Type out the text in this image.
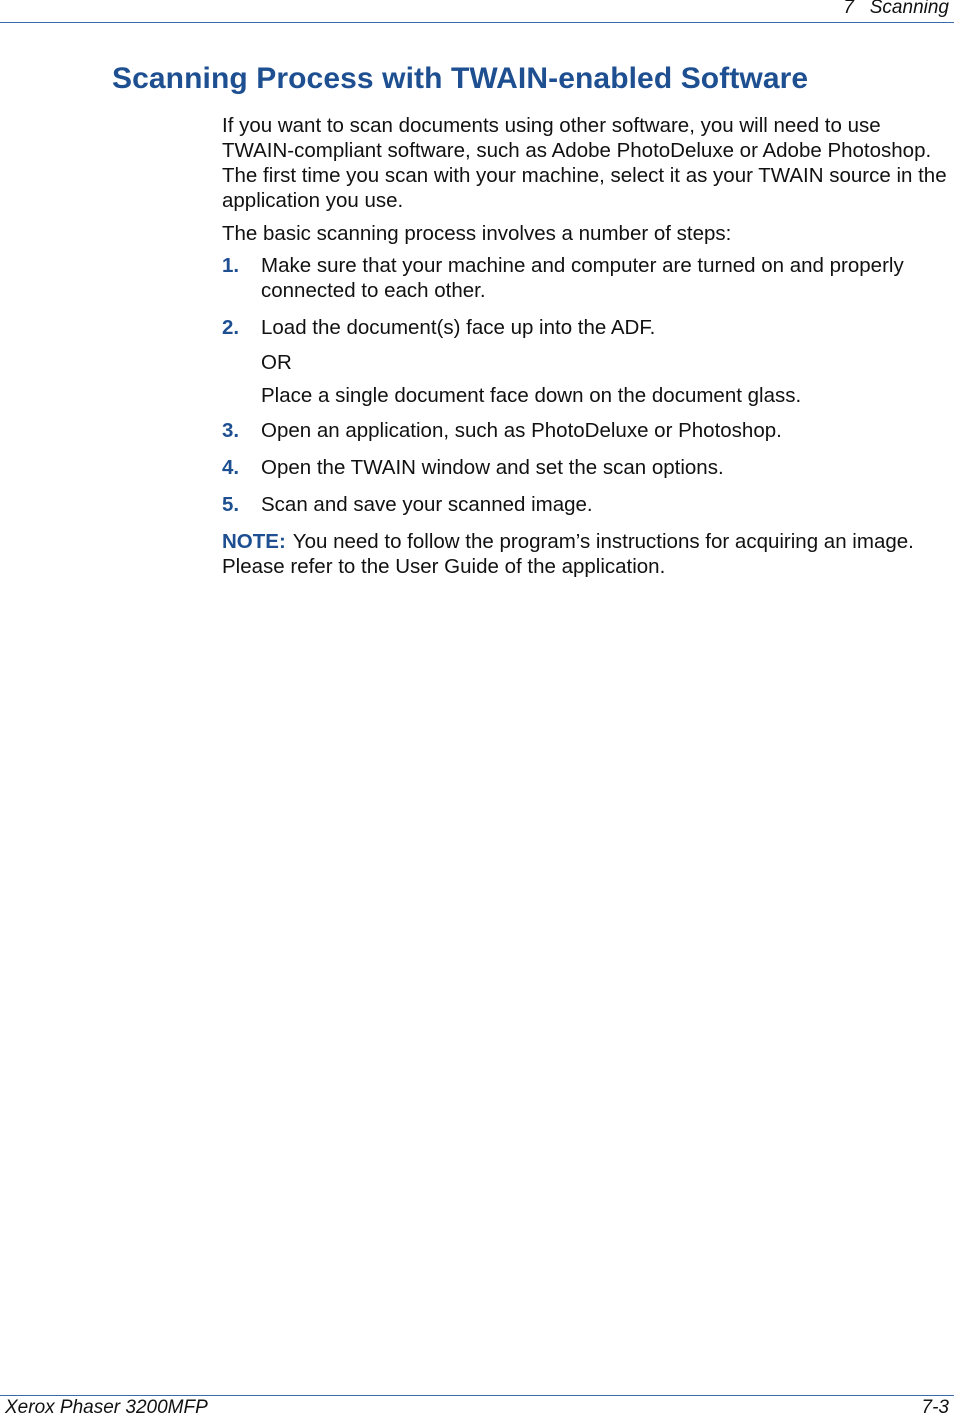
7   Scanning
Scanning Process with TWAIN-enabled Software

If you want to scan documents using other software, you will need to use TWAIN-compliant software, such as Adobe PhotoDeluxe or Adobe Photoshop. The first time you scan with your machine, select it as your TWAIN source in the application you use.

The basic scanning process involves a number of steps:

1. Make sure that your machine and computer are turned on and properly connected to each other.
2. Load the document(s) face up into the ADF.
OR
Place a single document face down on the document glass.
3. Open an application, such as PhotoDeluxe or Photoshop.
4. Open the TWAIN window and set the scan options.
5. Scan and save your scanned image.

NOTE: You need to follow the program’s instructions for acquiring an image. Please refer to the User Guide of the application.

Xerox Phaser 3200MFP	7-3
